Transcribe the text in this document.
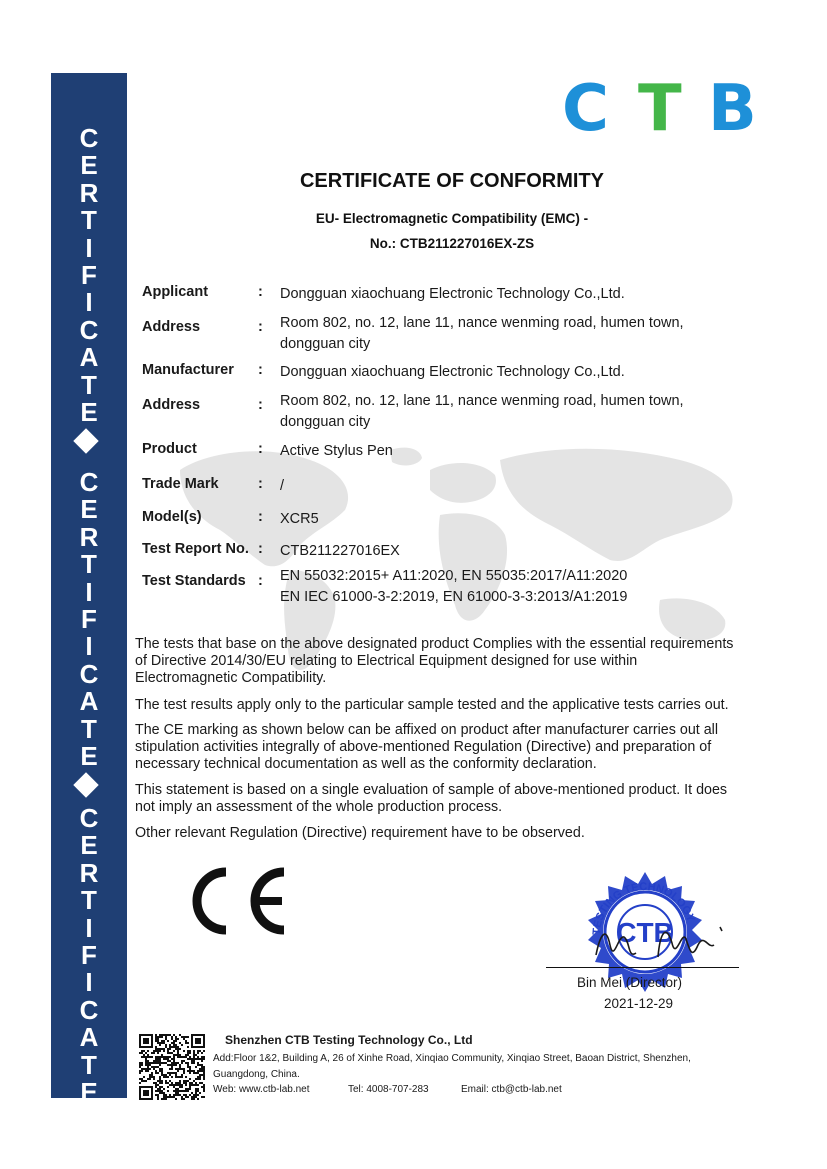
C
E
R
T
I
F
I
C
A
T
E
C
E
R
T
I
F
I
C
A
T
E
C
E
R
T
I
F
I
C
A
T
E
C T B
CERTIFICATE OF CONFORMITY
EU- Electromagnetic Compatibility (EMC) -
No.: CTB211227016EX-ZS
Applicant	: Dongguan xiaochuang Electronic Technology Co.,Ltd.
Address	: Room 802, no. 12, lane 11, nance wenming road, humen town,
dongguan city
Manufacturer : Dongguan xiaochuang Electronic Technology Co.,Ltd.
Address	: Room 802, no. 12, lane 11, nance wenming road, humen town,
dongguan city
Product	: Active Stylus Pen
Trade Mark	: /
Model(s)	: XCR5
Test Report No. : CTB211227016EX
Test Standards : EN 55032:2015+ A11:2020, EN 55035:2017/A11:2020
EN IEC 61000-3-2:2019, EN 61000-3-3:2013/A1:2019
The tests that base on the above designated product Complies with the essential requirements
of Directive 2014/30/EU relating to Electrical Equipment designed for use within
Electromagnetic Compatibility.
The test results apply only to the particular sample tested and the applicative tests carries out.
The CE marking as shown below can be affixed on product after manufacturer carries out all
stipulation activities integrally of above-mentioned Regulation (Directive) and preparation of
necessary technical documentation as well as the conformity declaration.
This statement is based on a single evaluation of sample of above-mentioned product. It does
not imply an assessment of the whole production process.
Other relevant Regulation (Directive) requirement have to be observed.
TESTING TECHNOLOGY
CTB
Bin Mei (Director)
2021-12-29
Shenzhen CTB Testing Technology Co., Ltd
Add:Floor 1&2, Building A, 26 of Xinhe Road, Xinqiao Community, Xinqiao Street, Baoan District, Shenzhen,
Guangdong, China.
Web: www.ctb-lab.net	Tel: 4008-707-283	Email: ctb@ctb-lab.net
